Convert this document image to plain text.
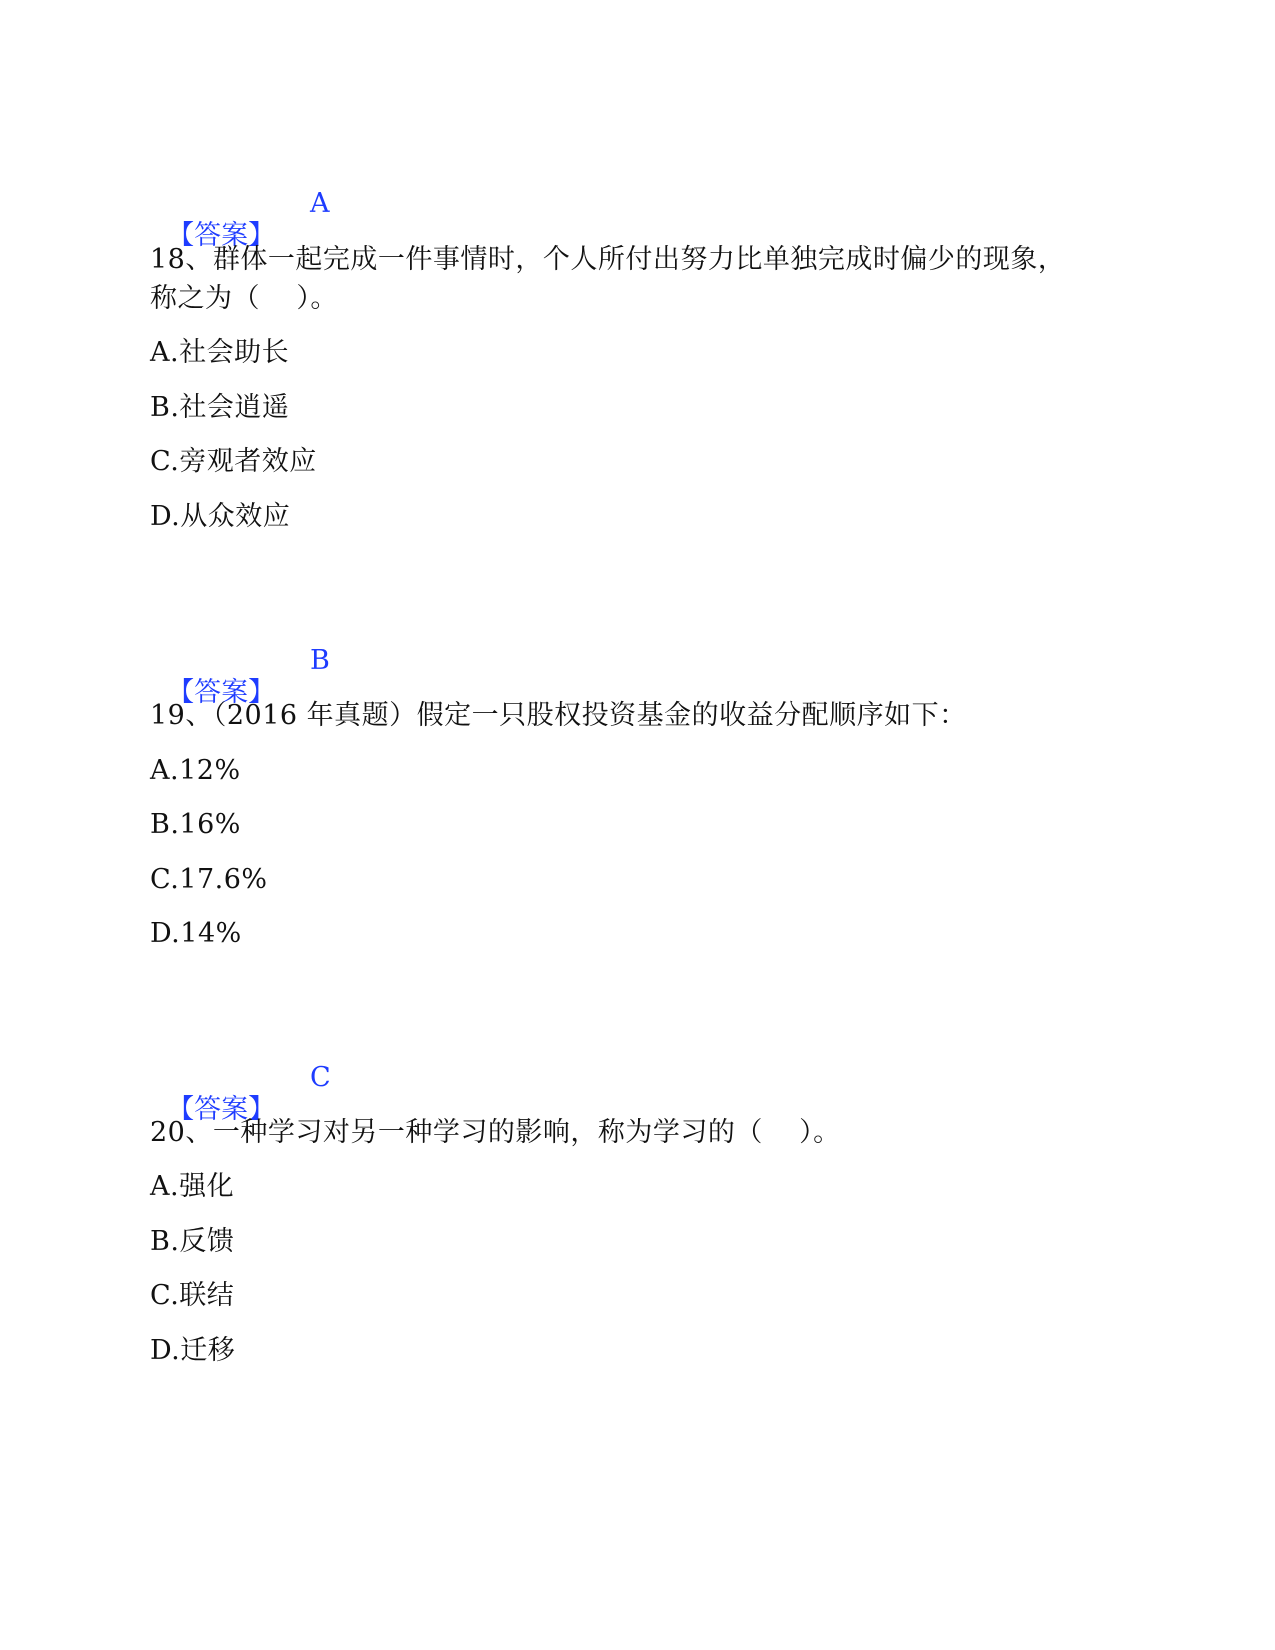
【答案】

A

18、群体一起完成一件事情时，个人所付出努力比单独完成时偏少的现象，
称之为（    ）。
A.社会助长
B.社会逍遥
C.旁观者效应
D.从众效应

【答案】

B

19、（2016 年真题）假定一只股权投资基金的收益分配顺序如下：
A.12%
B.16%
C.17.6%
D.14%

【答案】

C

20、一种学习对另一种学习的影响，称为学习的（    ）。
A.强化
B.反馈
C.联结
D.迁移
